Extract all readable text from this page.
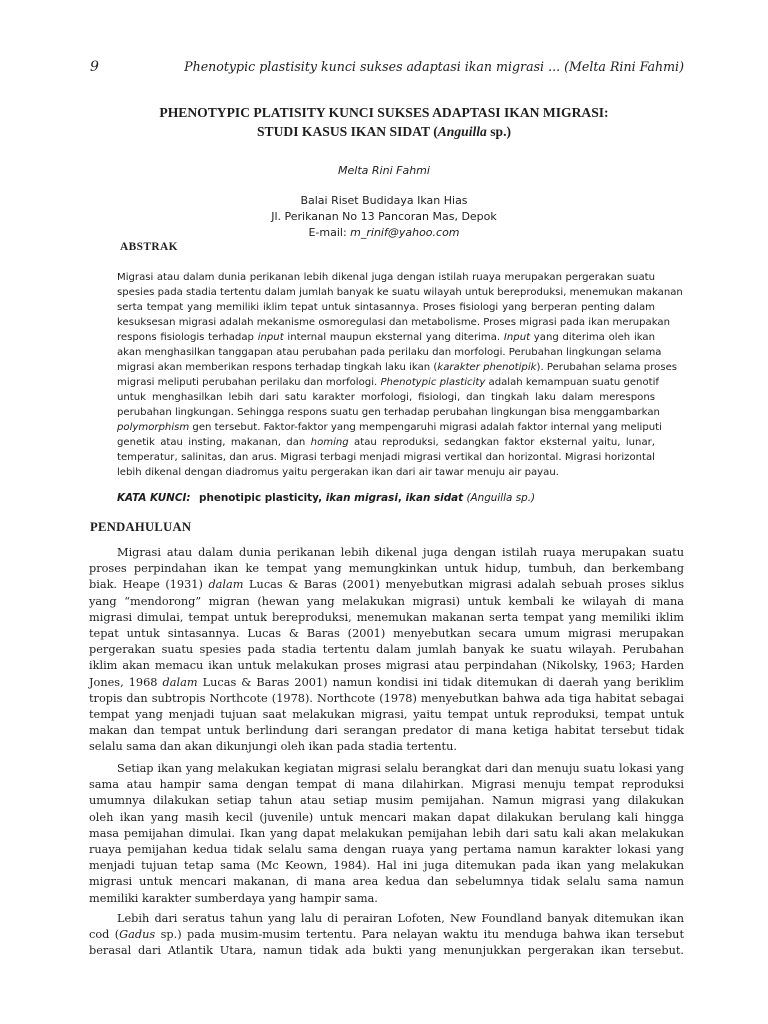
9	Phenotypic plastisity kunci sukses adaptasi ikan migrasi ... (Melta Rini Fahmi)
PHENOTYPIC PLATISITY KUNCI SUKSES ADAPTASI IKAN MIGRASI:
STUDI KASUS IKAN SIDAT (Anguilla sp.)
Melta Rini Fahmi
Balai Riset Budidaya Ikan Hias
Jl. Perikanan No 13 Pancoran Mas, Depok
E-mail: m_rinif@yahoo.com
ABSTRAK
Migrasi atau dalam dunia perikanan lebih dikenal juga dengan istilah ruaya merupakan pergerakan suatu
spesies pada stadia tertentu dalam jumlah banyak ke suatu wilayah untuk bereproduksi, menemukan makanan
serta tempat yang memiliki iklim tepat untuk sintasannya. Proses fisiologi yang berperan penting dalam
kesuksesan migrasi adalah mekanisme osmoregulasi dan metabolisme. Proses migrasi pada ikan merupakan
respons fisiologis terhadap input internal maupun eksternal yang diterima. Input yang diterima oleh ikan
akan menghasilkan tanggapan atau perubahan pada perilaku dan morfologi. Perubahan lingkungan selama
migrasi akan memberikan respons terhadap tingkah laku ikan (karakter phenotipik). Perubahan selama proses
migrasi meliputi perubahan perilaku dan morfologi. Phenotypic plasticity adalah kemampuan suatu genotif
untuk menghasilkan lebih dari satu karakter morfologi, fisiologi, dan tingkah laku dalam merespons
perubahan lingkungan. Sehingga respons suatu gen terhadap perubahan lingkungan bisa menggambarkan
polymorphism gen tersebut. Faktor-faktor yang mempengaruhi migrasi adalah faktor internal yang meliputi
genetik atau insting, makanan, dan homing atau reproduksi, sedangkan faktor eksternal yaitu, lunar,
temperatur, salinitas, dan arus. Migrasi terbagi menjadi migrasi vertikal dan horizontal. Migrasi horizontal
lebih dikenal dengan diadromus yaitu pergerakan ikan dari air tawar menuju air payau.
KATA KUNCI: phenotipic plasticity, ikan migrasi, ikan sidat (Anguilla sp.)
PENDAHULUAN
Migrasi atau dalam dunia perikanan lebih dikenal juga dengan istilah ruaya merupakan suatu
proses perpindahan ikan ke tempat yang memungkinkan untuk hidup, tumbuh, dan berkembang
biak. Heape (1931) dalam Lucas & Baras (2001) menyebutkan migrasi adalah sebuah proses siklus
yang “mendorong” migran (hewan yang melakukan migrasi) untuk kembali ke wilayah di mana
migrasi dimulai, tempat untuk bereproduksi, menemukan makanan serta tempat yang memiliki iklim
tepat untuk sintasannya. Lucas & Baras (2001) menyebutkan secara umum migrasi merupakan
pergerakan suatu spesies pada stadia tertentu dalam jumlah banyak ke suatu wilayah. Perubahan
iklim akan memacu ikan untuk melakukan proses migrasi atau perpindahan (Nikolsky, 1963; Harden
Jones, 1968 dalam Lucas & Baras 2001) namun kondisi ini tidak ditemukan di daerah yang beriklim
tropis dan subtropis Northcote (1978). Northcote (1978) menyebutkan bahwa ada tiga habitat sebagai
tempat yang menjadi tujuan saat melakukan migrasi, yaitu tempat untuk reproduksi, tempat untuk
makan dan tempat untuk berlindung dari serangan predator di mana ketiga habitat tersebut tidak
selalu sama dan akan dikunjungi oleh ikan pada stadia tertentu.
Setiap ikan yang melakukan kegiatan migrasi selalu berangkat dari dan menuju suatu lokasi yang
sama atau hampir sama dengan tempat di mana dilahirkan. Migrasi menuju tempat reproduksi
umumnya dilakukan setiap tahun atau setiap musim pemijahan. Namun migrasi yang dilakukan
oleh ikan yang masih kecil (juvenile) untuk mencari makan dapat dilakukan berulang kali hingga
masa pemijahan dimulai. Ikan yang dapat melakukan pemijahan lebih dari satu kali akan melakukan
ruaya pemijahan kedua tidak selalu sama dengan ruaya yang pertama namun karakter lokasi yang
menjadi tujuan tetap sama (Mc Keown, 1984). Hal ini juga ditemukan pada ikan yang melakukan
migrasi untuk mencari makanan, di mana area kedua dan sebelumnya tidak selalu sama namun
memiliki karakter sumberdaya yang hampir sama.
Lebih dari seratus tahun yang lalu di perairan Lofoten, New Foundland banyak ditemukan ikan
cod (Gadus sp.) pada musim-musim tertentu. Para nelayan waktu itu menduga bahwa ikan tersebut
berasal dari Atlantik Utara, namun tidak ada bukti yang menunjukkan pergerakan ikan tersebut.
